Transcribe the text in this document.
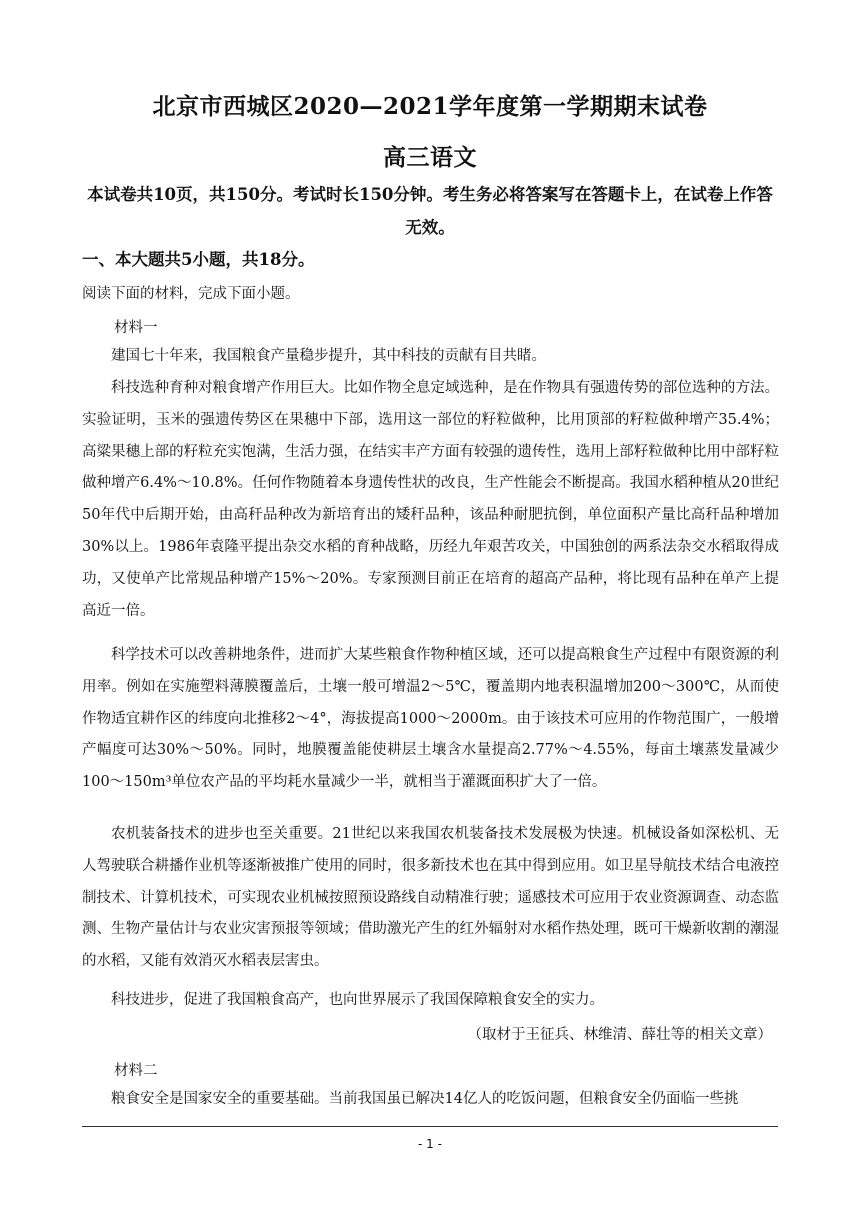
北京市西城区2020—2021学年度第一学期期末试卷
高三语文
本试卷共10页，共150分。考试时长150分钟。考生务必将答案写在答题卡上，在试卷上作答无效。
一、本大题共5小题，共18分。
阅读下面的材料，完成下面小题。
材料一
建国七十年来，我国粮食产量稳步提升，其中科技的贡献有目共睹。
科技选种育种对粮食增产作用巨大。比如作物全息定域选种，是在作物具有强遗传势的部位选种的方法。实验证明，玉米的强遗传势区在果穗中下部，选用这一部位的籽粒做种，比用顶部的籽粒做种增产35.4%；高粱果穗上部的籽粒充实饱满，生活力强，在结实丰产方面有较强的遗传性，选用上部籽粒做种比用中部籽粒做种增产6.4%～10.8%。任何作物随着本身遗传性状的改良，生产性能会不断提高。我国水稻种植从20世纪50年代中后期开始，由高秆品种改为新培育出的矮秆品种，该品种耐肥抗倒，单位面积产量比高秆品种增加30%以上。1986年袁隆平提出杂交水稻的育种战略，历经九年艰苦攻关，中国独创的两系法杂交水稻取得成功，又使单产比常规品种增产15%～20%。专家预测目前正在培育的超高产品种，将比现有品种在单产上提高近一倍。
科学技术可以改善耕地条件，进而扩大某些粮食作物种植区域，还可以提高粮食生产过程中有限资源的利用率。例如在实施塑料薄膜覆盖后，土壤一般可增温2～5℃，覆盖期内地表积温增加200～300℃，从而使作物适宜耕作区的纬度向北推移2～4°，海拔提高1000～2000m。由于该技术可应用的作物范围广，一般增产幅度可达30%～50%。同时，地膜覆盖能使耕层土壤含水量提高2.77%～4.55%，每亩土壤蒸发量减少100～150m³单位农产品的平均耗水量减少一半，就相当于灌溉面积扩大了一倍。
农机装备技术的进步也至关重要。21世纪以来我国农机装备技术发展极为快速。机械设备如深松机、无人驾驶联合耕播作业机等逐渐被推广使用的同时，很多新技术也在其中得到应用。如卫星导航技术结合电液控制技术、计算机技术，可实现农业机械按照预设路线自动精准行驶；遥感技术可应用于农业资源调查、动态监测、生物产量估计与农业灾害预报等领域；借助激光产生的红外辐射对水稻作热处理，既可干燥新收割的潮湿的水稻，又能有效消灭水稻表层害虫。
科技进步，促进了我国粮食高产，也向世界展示了我国保障粮食安全的实力。
（取材于王征兵、林维清、薛壮等的相关文章）
材料二
粮食安全是国家安全的重要基础。当前我国虽已解决14亿人的吃饭问题，但粮食安全仍面临一些挑
- 1 -
